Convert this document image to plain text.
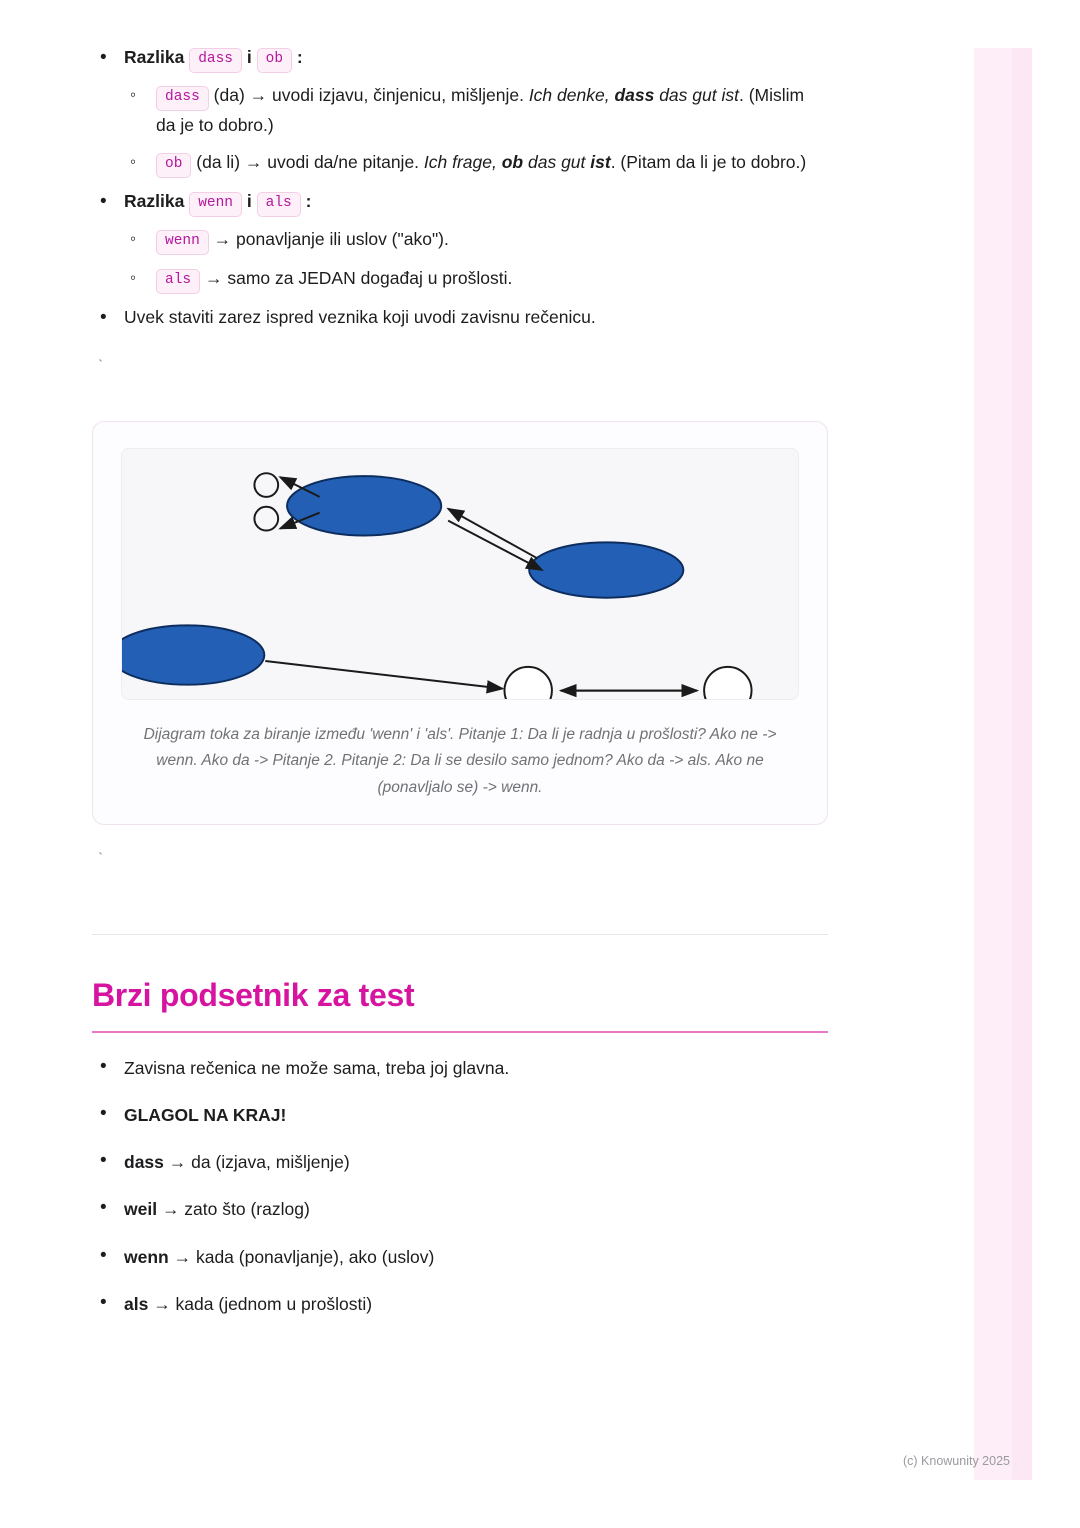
• Razlika dass i ob :
◦ dass (da) → uvodi izjavu, činjenicu, mišljenje. Ich denke, dass das gut ist. (Mislim da je to dobro.)
◦ ob (da li) → uvodi da/ne pitanje. Ich frage, ob das gut ist. (Pitam da li je to dobro.)
• Razlika wenn i als :
◦ wenn → ponavljanje ili uslov ("ako").
◦ als → samo za JEDAN događaj u prošlosti.
• Uvek staviti zarez ispred veznika koji uvodi zavisnu rečenicu.
`
Dijagram toka za biranje između 'wenn' i 'als'. Pitanje 1: Da li je radnja u prošlosti? Ako ne -> wenn. Ako da -> Pitanje 2. Pitanje 2: Da li se desilo samo jednom? Ako da -> als. Ako ne (ponavljalo se) -> wenn.
`
Brzi podsetnik za test
• Zavisna rečenica ne može sama, treba joj glavna.
• GLAGOL NA KRAJ!
• dass → da (izjava, mišljenje)
• weil → zato što (razlog)
• wenn → kada (ponavljanje), ako (uslov)
• als → kada (jednom u prošlosti)
(c) Knowunity 2025
